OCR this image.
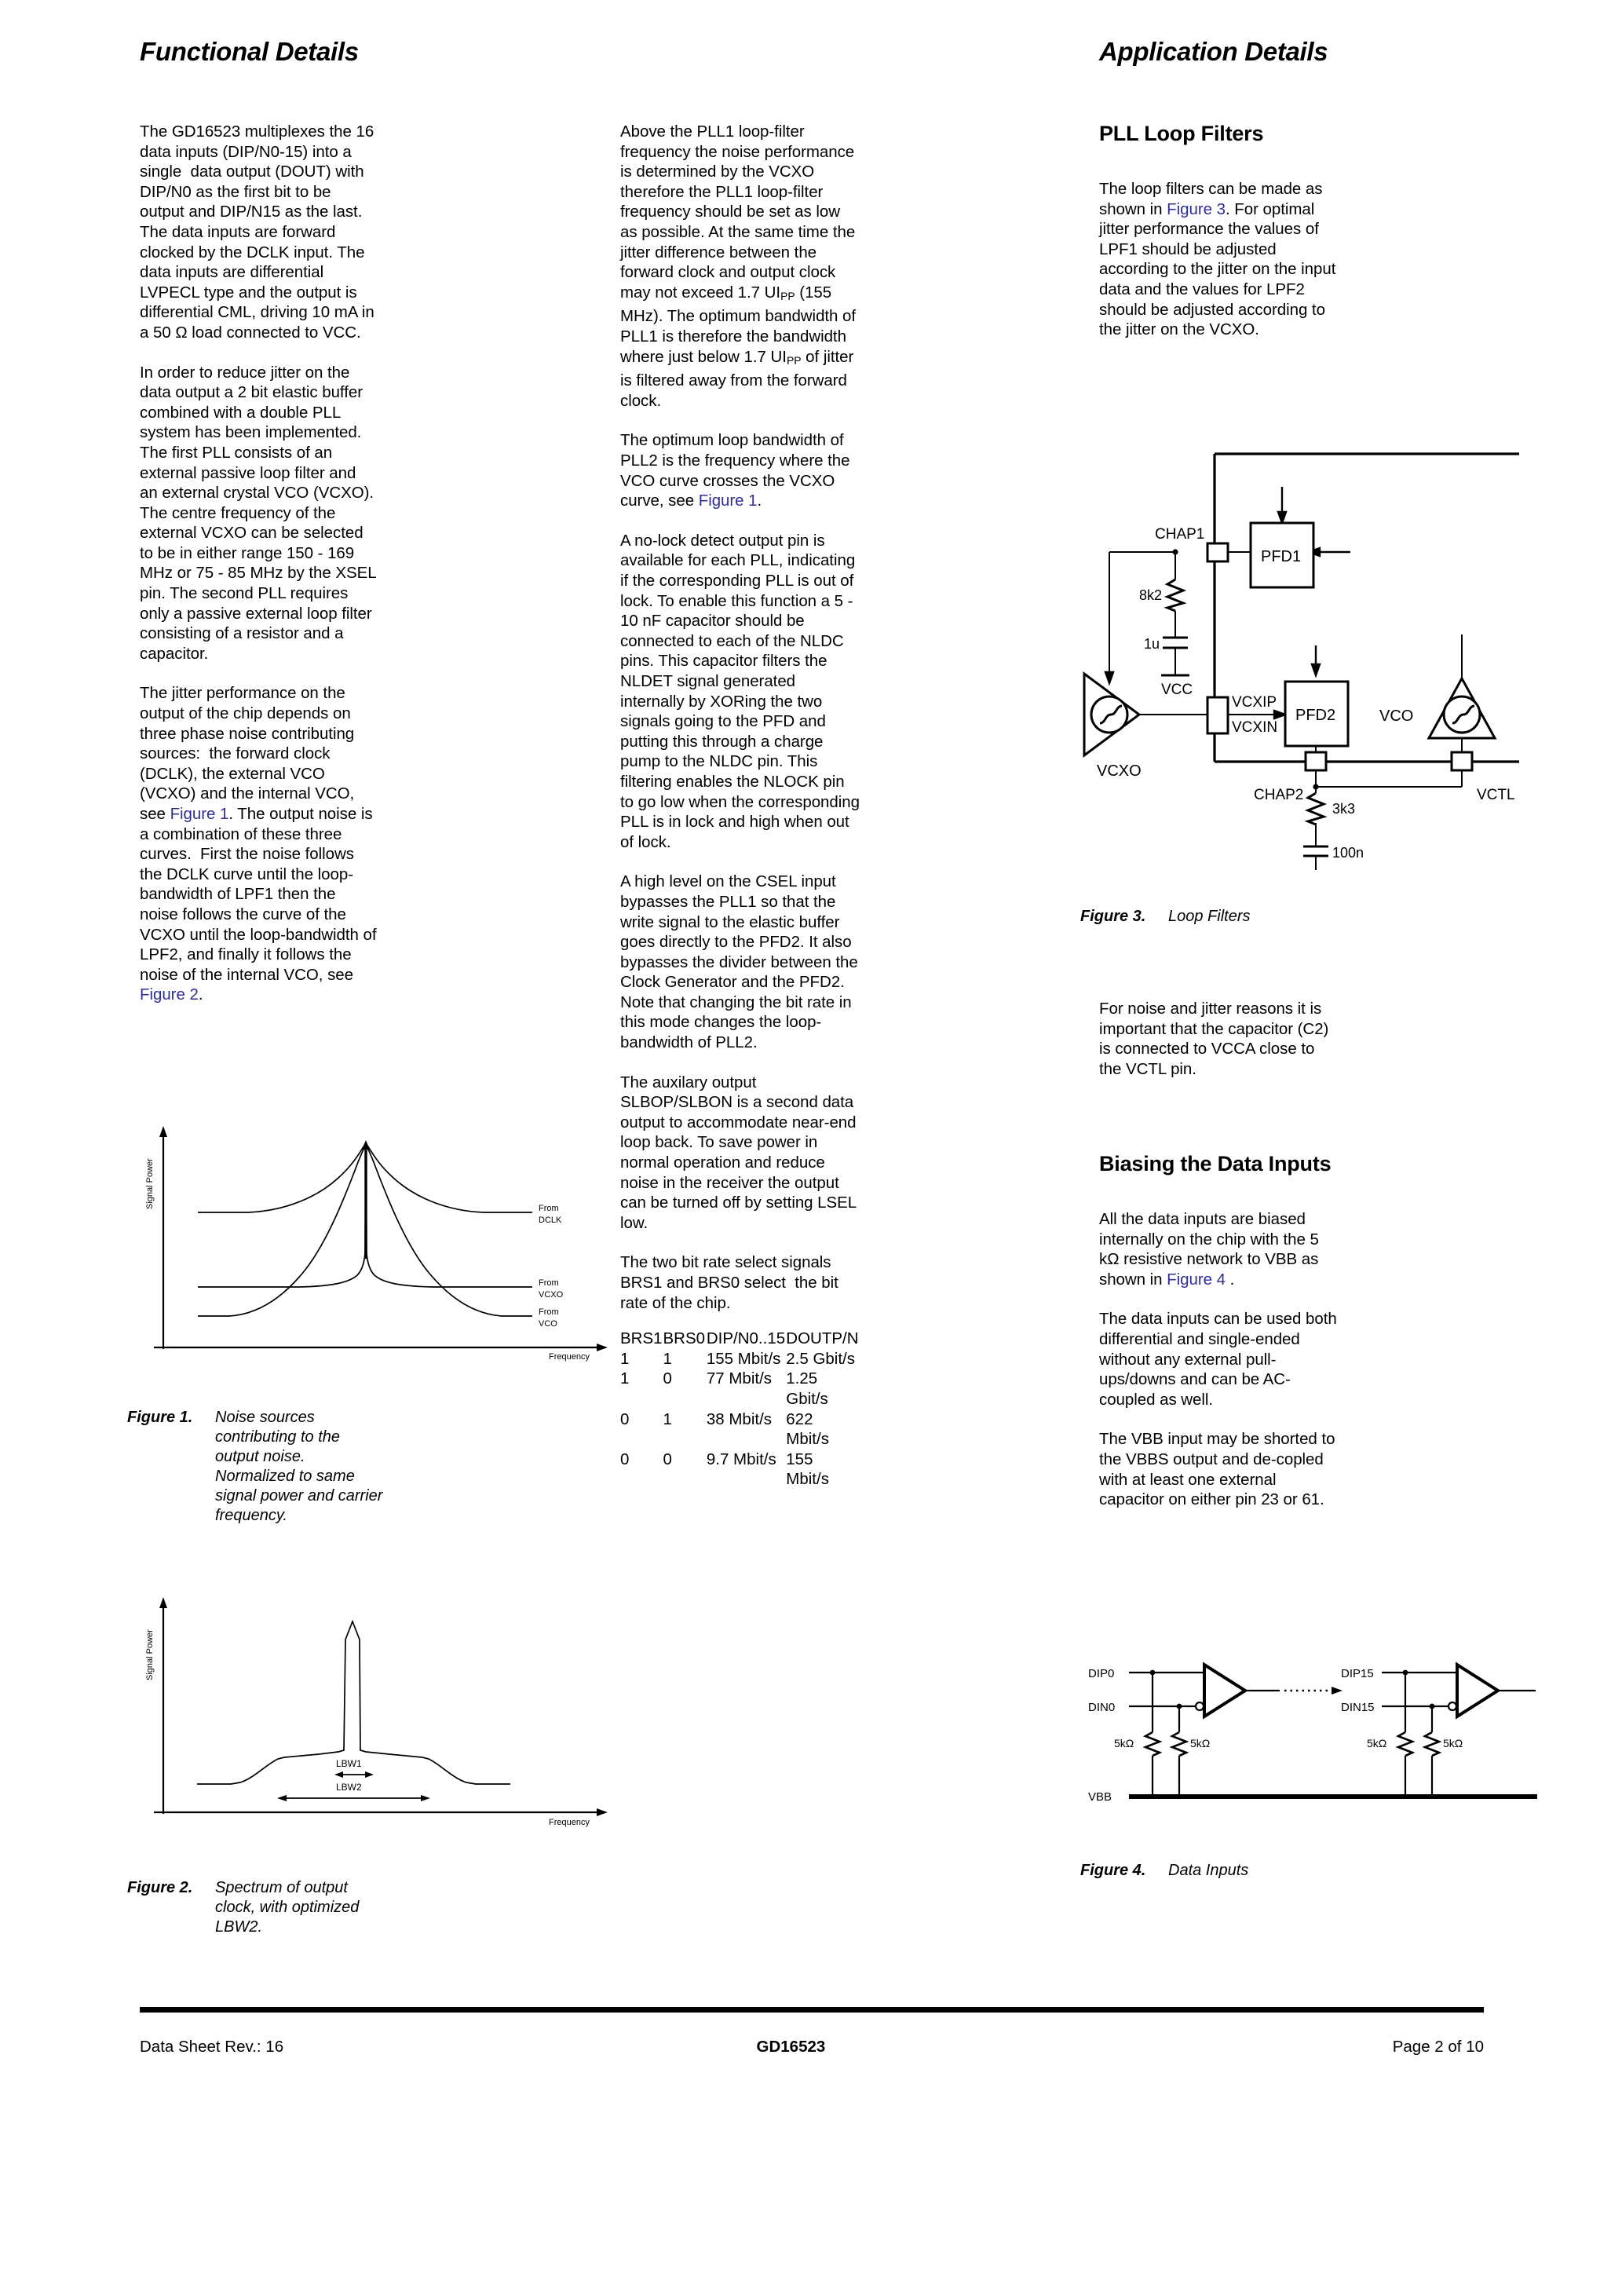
Functional Details

The GD16523 multiplexes the 16 data inputs (DIP/N0-15) into a single  data output (DOUT) with DIP/N0 as the first bit to be output and DIP/N15 as the last.  The data inputs are forward clocked by the DCLK input. The data inputs are differential  LVPECL type and the output is differential CML, driving 10 mA in a 50 Ω load connected to VCC.

In order to reduce jitter on the data output a 2 bit elastic buffer combined with a double PLL system has been implemented. The first PLL consists of an external passive loop filter and an external crystal VCO (VCXO). The centre frequency of the external VCXO can be selected to be in either range 150 - 169 MHz or 75 - 85 MHz by the XSEL pin. The second PLL requires only a passive external loop filter consisting of a resistor and a capacitor.

The jitter performance on the output of the chip depends on three phase noise contributing sources:  the forward clock (DCLK), the external VCO (VCXO) and the internal VCO, see Figure 1. The output noise is a combination of these three curves.  First the noise follows the DCLK curve until the loop-bandwidth of LPF1 then the noise follows the curve of the VCXO until the loop-bandwidth of LPF2, and finally it follows the noise of the internal VCO, see Figure 2.

Signal Power
Frequency
From
DCLK
From
VCXO
From
VCO
Figure 1.	Noise sources contributing to the output noise. Normalized to same signal power and carrier frequency.
Signal Power
Frequency
LBW1
LBW2
Figure 2.	Spectrum of output clock, with optimized LBW2.

Above the PLL1 loop-filter frequency the noise performance is determined by the VCXO therefore the PLL1 loop-filter frequency should be set as low as possible. At the same time the jitter difference between the forward clock and output clock may not exceed 1.7 $UI_{PP}$ (155 MHz). The optimum bandwidth of PLL1 is therefore the bandwidth where just below 1.7 $UI_{PP}$ of jitter is filtered away from the forward clock.

The optimum loop bandwidth of PLL2 is the frequency where the VCO curve crosses the VCXO curve, see Figure 1.

A no-lock detect output pin is available for each PLL, indicating if the corresponding PLL is out of lock. To enable this function a 5 - 10 nF capacitor should be connected to each of the NLDC pins. This capacitor filters the NLDET signal generated internally by XORing the two signals going to the PFD and putting this through a charge pump to the NLDC pin. This filtering enables the NLOCK pin to go low when the corresponding PLL is in lock and high when out of lock.

A high level on the CSEL input bypasses the PLL1 so that the write signal to the elastic buffer goes directly to the PFD2. It also bypasses the divider between the Clock Generator and the PFD2. Note that changing the bit rate in this mode changes the loop-bandwidth of PLL2.

The auxilary output SLBOP/SLBON is a second data output to accommodate near-end loop back. To save power in normal operation and reduce noise in the receiver the output can be turned off by setting LSEL low.

The two bit rate select signals BRS1 and BRS0 select  the bit rate of the chip.

BRS1	BRS0	DIP/N0..15	DOUTP/N
1	1	155 Mbit/s	2.5 Gbit/s
1	0	77 Mbit/s	1.25 Gbit/s
0	1	38 Mbit/s	622 Mbit/s
0	0	9.7 Mbit/s	155 Mbit/s
Application Details
PLL Loop Filters

The loop filters can be made as shown in Figure 3. For optimal jitter performance the values of LPF1 should be adjusted according to the jitter on the input data and the values for LPF2 should be adjusted according to the jitter on the VCXO.

PFD1
PFD2
VCXO
VCO
8k2
1u
VCC
3k3
100n
CHAP1
CHAP2	VCTL
VCXIP
VCXIN
Figure 3.	Loop Filters

For noise and jitter reasons it is important that the capacitor (C2) is connected to VCCA close to the VCTL pin.

Biasing the Data Inputs

All the data inputs are biased internally on the chip with the 5 kΩ resistive network to VBB as shown in Figure 4 .

The data inputs can be used both differential and single-ended without any external pull-ups/downs and can be AC-coupled as well.

The VBB input may be shorted to the VBBS output and de-copled with at least one external capacitor on either pin 23 or 61.

DIP0
DIN0
DIP15
DIN15
VBB
5kΩ	5kΩ	5kΩ	5kΩ
Figure 4.	Data Inputs
Data Sheet Rev.: 16	GD16523	Page 2 of 10
